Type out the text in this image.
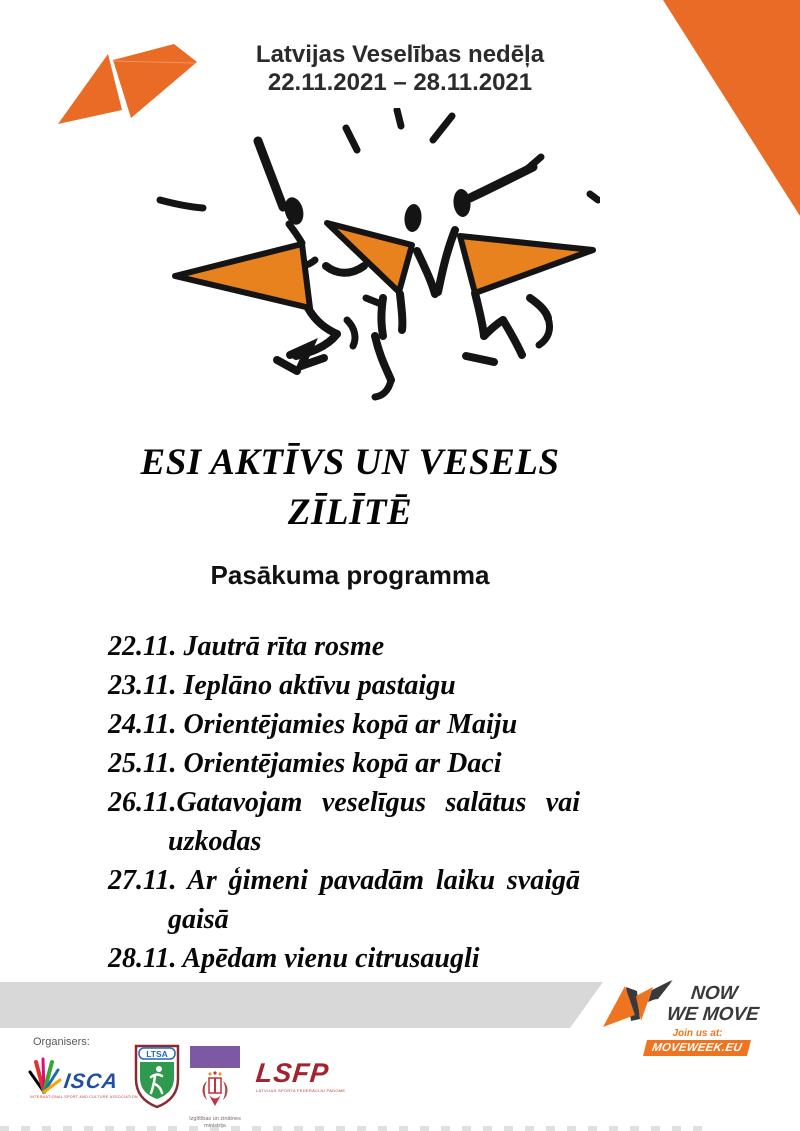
Latvijas Veselības nedēļa
22.11.2021 – 28.11.2021
ESI AKTĪVS UN VESELS
ZĪLĪTĒ
Pasākuma programma
22.11. Jautrā rīta rosme
23.11. Ieplāno aktīvu pastaigu
24.11. Orientējamies kopā ar Maiju
25.11. Orientējamies kopā ar Daci
26.11.Gatavojam veselīgus salātus vai uzkodas
27.11. Ar ģimeni pavadām laiku svaigā gaisā
28.11. Apēdam vienu citrusaugli
NOW
WE MOVE
Join us at:
MOVEWEEK.EU
Organisers:
ISCA
INTERNATIONAL SPORT AND CULTURE ASSOCIATION
LTSA
Izglītības un zinātnes
ministrija
LSFP
LATVIJAS SPORTA FEDERĀCIJU PADOME
